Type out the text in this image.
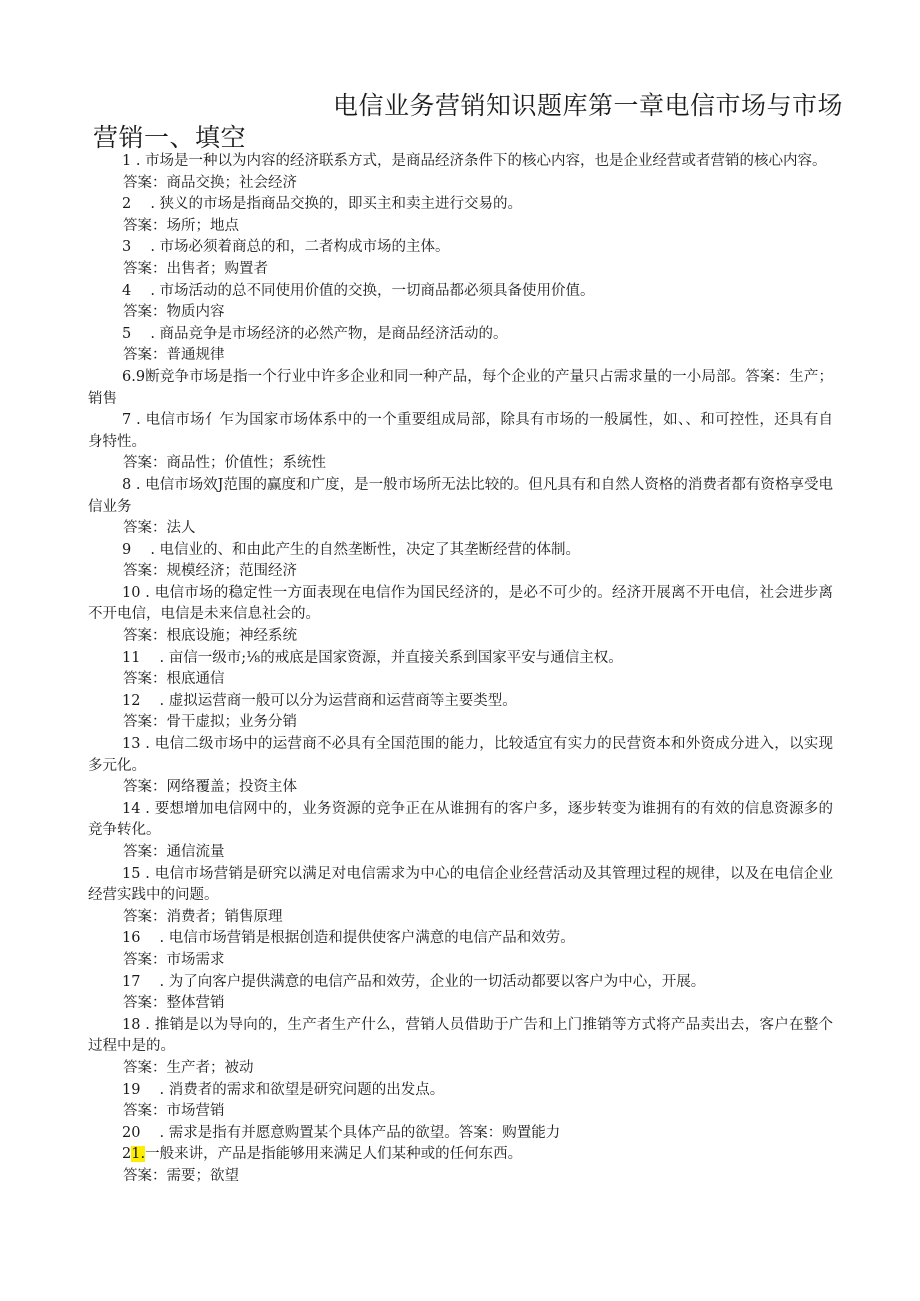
电信业务营销知识题库第一章电信市场与市场
营销一、填空

1 . 市场是一种以为内容的经济联系方式，是商品经济条件下的核心内容，也是企业经营或者营销的核心内容。

答案：商品交换；社会经济

2 　. 狭义的市场是指商品交换的，即买主和卖主进行交易的。

答案：场所；地点

3 　. 市场必须着商总的和，二者构成市场的主体。

答案：出售者；购置者

4 　. 市场活动的总不同使用价值的交换，一切商品都必须具备使用价值。

答案：物质内容

5 　. 商品竞争是市场经济的必然产物，是商品经济活动的。

答案：普通规律

6.9断竞争市场是指一个行业中许多企业和同一种产品，每个企业的产量只占需求量的一小局部。答案：生产；销售

7 . 电信市场亻乍为国家市场体系中的一个重要组成局部，除具有市场的一般属性，如、、和可控性，还具有自身特性。

答案：商品性；价值性；系统性

8 . 电信市场效J范围的赢度和广度，是一般市场所无法比较的。但凡具有和自然人资格的消费者都有资格享受电信业务

答案：法人

9 　. 电信业的、和由此产生的自然垄断性，决定了其垄断经营的体制。

答案：规模经济；范围经济

10 . 电信市场的稳定性一方面表现在电信作为国民经济的，是必不可少的。经济开展离不开电信，社会进步离不开电信，电信是未来信息社会的。

答案：根底设施；神经系统

11 　. 亩信一级市;⅛的戒底是国家资源，并直接关系到国家平安与通信主权。

答案：根底通信

12 　. 虚拟运营商一般可以分为运营商和运营商等主要类型。

答案：骨干虚拟；业务分销

13 . 电信二级市场中的运营商不必具有全国范围的能力，比较适宜有实力的民营资本和外资成分进入，以实现多元化。

答案：网络覆盖；投资主体

14 . 要想增加电信网中的，业务资源的竞争正在从谁拥有的客户多，逐步转变为谁拥有的有效的信息资源多的竞争转化。

答案：通信流量

15 . 电信市场营销是研究以满足对电信需求为中心的电信企业经营活动及其管理过程的规律，以及在电信企业经营实践中的问题。

答案：消费者；销售原理

16 　. 电信市场营销是根据创造和提供使客户满意的电信产品和效劳。

答案：市场需求

17 　. 为了向客户提供满意的电信产品和效劳，企业的一切活动都要以客户为中心，开展。

答案：整体营销

18 . 推销是以为导向的，生产者生产什么，营销人员借助于广告和上门推销等方式将产品卖出去，客户在整个过程中是的。

答案：生产者；被动

19 　. 消费者的需求和欲望是研究问题的出发点。

答案：市场营销

20 　. 需求是指有并愿意购置某个具体产品的欲望。答案：购置能力

21.一般来讲，产品是指能够用来满足人们某种或的任何东西。

答案：需要；欲望
